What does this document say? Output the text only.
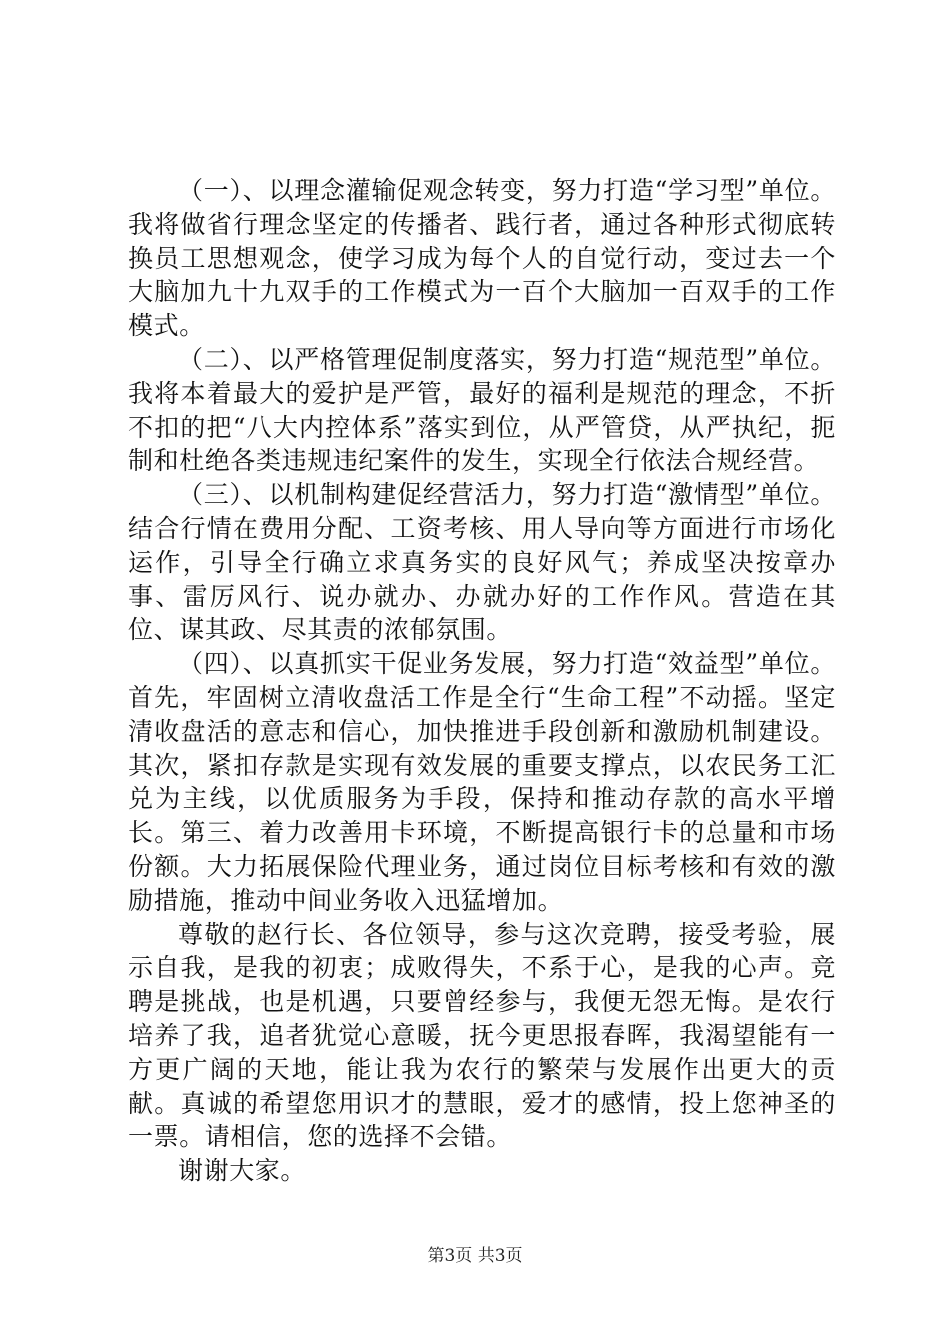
（一）、以理念灌输促观念转变，努力打造“学习型”单位。我将做省行理念坚定的传播者、践行者，通过各种形式彻底转换员工思想观念，使学习成为每个人的自觉行动，变过去一个大脑加九十九双手的工作模式为一百个大脑加一百双手的工作模式。

（二）、以严格管理促制度落实，努力打造“规范型”单位。我将本着最大的爱护是严管，最好的福利是规范的理念，不折不扣的把“八大内控体系”落实到位，从严管贷，从严执纪，扼制和杜绝各类违规违纪案件的发生，实现全行依法合规经营。

（三）、以机制构建促经营活力，努力打造“激情型”单位。结合行情在费用分配、工资考核、用人导向等方面进行市场化运作，引导全行确立求真务实的良好风气；养成坚决按章办事、雷厉风行、说办就办、办就办好的工作作风。营造在其位、谋其政、尽其责的浓郁氛围。

（四）、以真抓实干促业务发展，努力打造“效益型”单位。首先，牢固树立清收盘活工作是全行“生命工程”不动摇。坚定清收盘活的意志和信心，加快推进手段创新和激励机制建设。其次，紧扣存款是实现有效发展的重要支撑点，以农民务工汇兑为主线，以优质服务为手段，保持和推动存款的高水平增长。第三、着力改善用卡环境，不断提高银行卡的总量和市场份额。大力拓展保险代理业务，通过岗位目标考核和有效的激励措施，推动中间业务收入迅猛增加。

尊敬的赵行长、各位领导，参与这次竞聘，接受考验，展示自我，是我的初衷；成败得失，不系于心，是我的心声。竞聘是挑战，也是机遇，只要曾经参与，我便无怨无悔。是农行培养了我，追者犹觉心意暖，抚今更思报春晖，我渴望能有一方更广阔的天地，能让我为农行的繁荣与发展作出更大的贡献。真诚的希望您用识才的慧眼，爱才的感情，投上您神圣的一票。请相信，您的选择不会错。

谢谢大家。

第3页 共3页
